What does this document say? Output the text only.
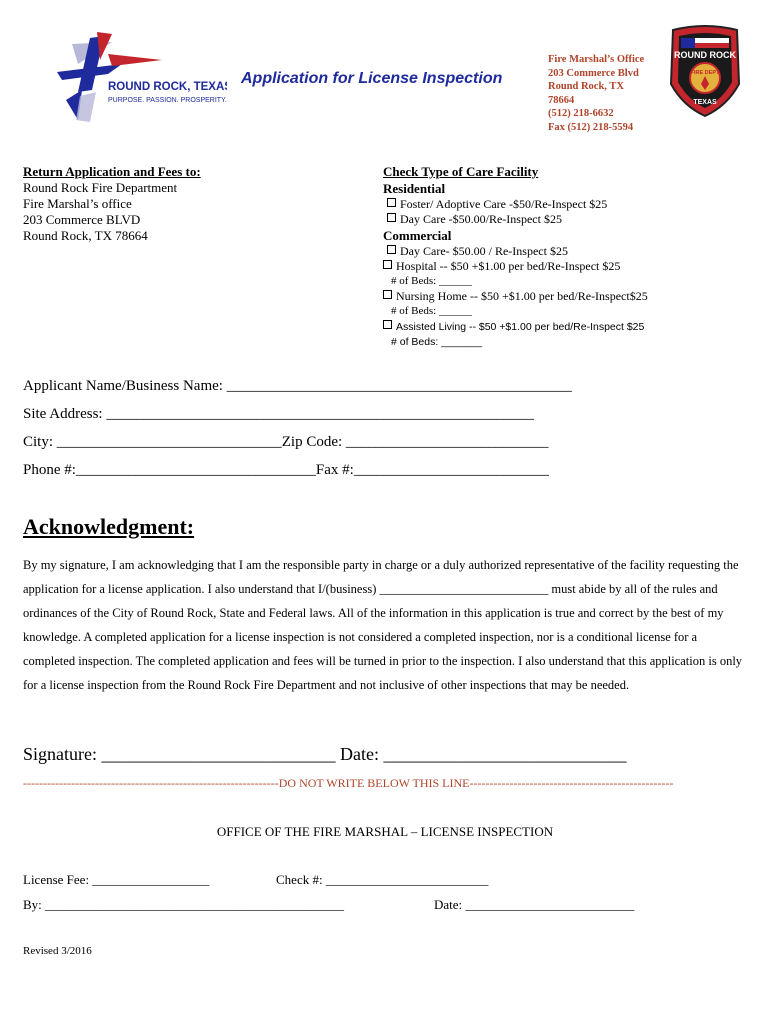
ROUND ROCK, TEXAS
PURPOSE. PASSION. PROSPERITY.
Application for License Inspection
Fire Marshal’s Office
203 Commerce Blvd
Round Rock, TX
78664
(512) 218-6632
Fax (512) 218-5594
ROUND ROCK
FIRE DEPT
TEXAS
Return Application and Fees to:
Round Rock Fire Department
Fire Marshal’s office
203 Commerce BLVD
Round Rock, TX 78664
Check Type of Care Facility
Residential
Foster/ Adoptive Care -$50/Re-Inspect $25
Day Care -$50.00/Re-Inspect $25
Commercial
Day Care- $50.00 / Re-Inspect $25
Hospital -- $50 +$1.00 per bed/Re-Inspect $25
# of Beds: ______
Nursing Home -- $50 +$1.00 per bed/Re-Inspect$25
# of Beds: ______
Assisted Living -- $50 +$1.00 per bed/Re-Inspect $25
# of Beds: _______
Applicant Name/Business Name: ______________________________________________
Site Address: _________________________________________________________
City: ______________________________Zip Code: ___________________________
Phone #:________________________________Fax #:__________________________
Acknowledgment:
By my signature, I am acknowledging that I am the responsible party in charge or a duly authorized representative of the facility requesting the application for a license application. I also understand that I/(business) ___________________________ must abide by all of the rules and ordinances of the City of Round Rock, State and Federal laws. All of the information in this application is true and correct by the best of my knowledge. A completed application for a license inspection is not considered a completed inspection, nor is a conditional license for a completed inspection. The completed application and fees will be turned in prior to the inspection. I also understand that this application is only for a license inspection from the Round Rock Fire Department and not inclusive of other inspections that may be needed.
Signature: __________________________ Date: ___________________________
----------------------------------------------------------------DO NOT WRITE BELOW THIS LINE---------------------------------------------------
OFFICE OF THE FIRE MARSHAL – LICENSE INSPECTION
License Fee: __________________	Check #: _________________________
By: ______________________________________________	Date: __________________________
Revised 3/2016
